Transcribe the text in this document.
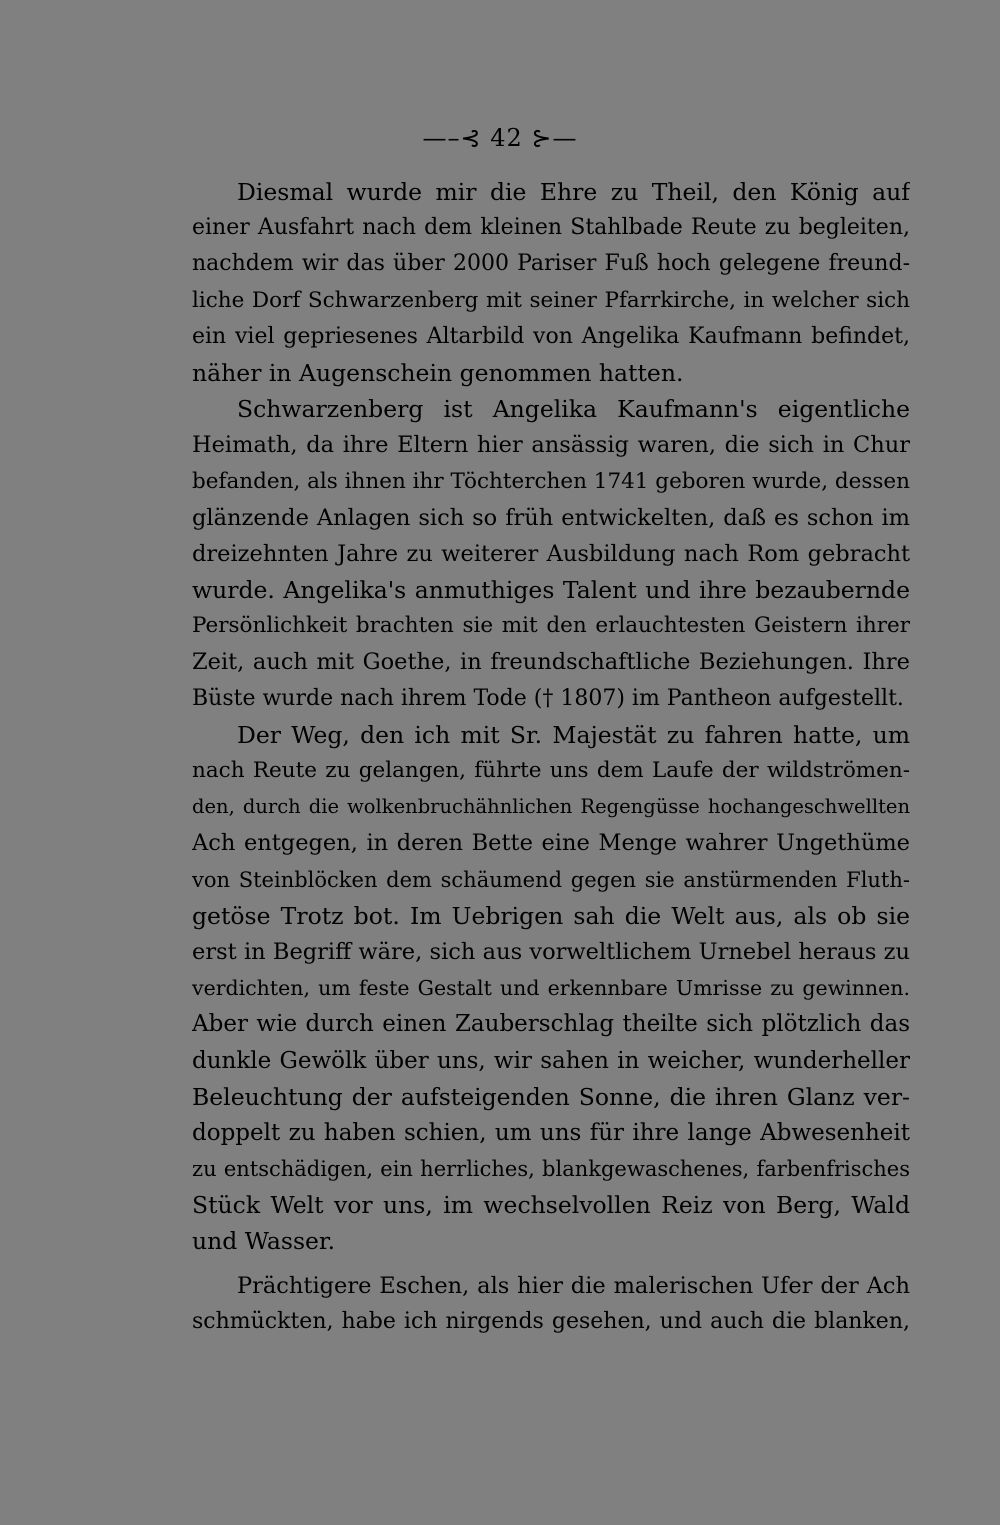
—–⊰ 42 ⊱—
Diesmal wurde mir die Ehre zu Theil, den König auf
einer Ausfahrt nach dem kleinen Stahlbade Reute zu begleiten,
nachdem wir das über 2000 Pariser Fuß hoch gelegene freund-
liche Dorf Schwarzenberg mit seiner Pfarrkirche, in welcher sich
ein viel gepriesenes Altarbild von Angelika Kaufmann befindet,
näher in Augenschein genommen hatten.
Schwarzenberg ist Angelika Kaufmann's eigentliche
Heimath, da ihre Eltern hier ansässig waren, die sich in Chur
befanden, als ihnen ihr Töchterchen 1741 geboren wurde, dessen
glänzende Anlagen sich so früh entwickelten, daß es schon im
dreizehnten Jahre zu weiterer Ausbildung nach Rom gebracht
wurde. Angelika's anmuthiges Talent und ihre bezaubernde
Persönlichkeit brachten sie mit den erlauchtesten Geistern ihrer
Zeit, auch mit Goethe, in freundschaftliche Beziehungen. Ihre
Büste wurde nach ihrem Tode († 1807) im Pantheon aufgestellt.
Der Weg, den ich mit Sr. Majestät zu fahren hatte, um
nach Reute zu gelangen, führte uns dem Laufe der wildströmen-
den, durch die wolkenbruchähnlichen Regengüsse hochangeschwellten
Ach entgegen, in deren Bette eine Menge wahrer Ungethüme
von Steinblöcken dem schäumend gegen sie anstürmenden Fluth-
getöse Trotz bot. Im Uebrigen sah die Welt aus, als ob sie
erst in Begriff wäre, sich aus vorweltlichem Urnebel heraus zu
verdichten, um feste Gestalt und erkennbare Umrisse zu gewinnen.
Aber wie durch einen Zauberschlag theilte sich plötzlich das
dunkle Gewölk über uns, wir sahen in weicher, wunderheller
Beleuchtung der aufsteigenden Sonne, die ihren Glanz ver-
doppelt zu haben schien, um uns für ihre lange Abwesenheit
zu entschädigen, ein herrliches, blankgewaschenes, farbenfrisches
Stück Welt vor uns, im wechselvollen Reiz von Berg, Wald
und Wasser.
Prächtigere Eschen, als hier die malerischen Ufer der Ach
schmückten, habe ich nirgends gesehen, und auch die blanken,
